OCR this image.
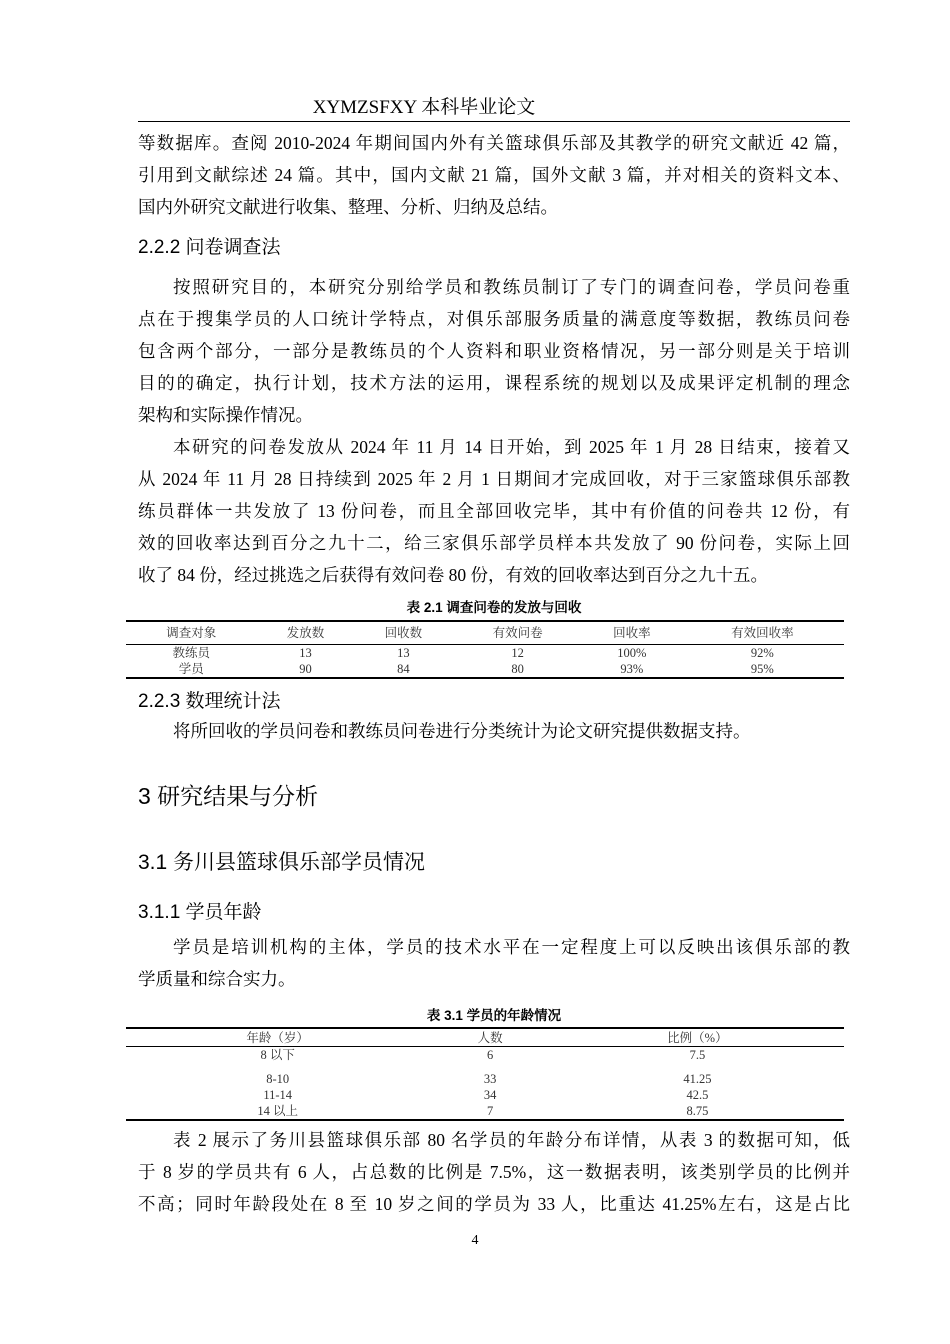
XYMZSFXY 本科毕业论文
等数据库。查阅 2010-2024 年期间国内外有关篮球俱乐部及其教学的研究文献近 42 篇，
引用到文献综述 24 篇。其中，国内文献 21 篇，国外文献 3 篇，并对相关的资料文本、
国内外研究文献进行收集、整理、分析、归纳及总结。
2.2.2 问卷调查法
按照研究目的，本研究分别给学员和教练员制订了专门的调查问卷，学员问卷重
点在于搜集学员的人口统计学特点，对俱乐部服务质量的满意度等数据，教练员问卷
包含两个部分，一部分是教练员的个人资料和职业资格情况，另一部分则是关于培训
目的的确定，执行计划，技术方法的运用，课程系统的规划以及成果评定机制的理念
架构和实际操作情况。
本研究的问卷发放从 2024 年 11 月 14 日开始，到 2025 年 1 月 28 日结束，接着又
从 2024 年 11 月 28 日持续到 2025 年 2 月 1 日期间才完成回收，对于三家篮球俱乐部教
练员群体一共发放了 13 份问卷，而且全部回收完毕，其中有价值的问卷共 12 份，有
效的回收率达到百分之九十二，给三家俱乐部学员样本共发放了 90 份问卷，实际上回
收了 84 份，经过挑选之后获得有效问卷 80 份，有效的回收率达到百分之九十五。
表 2.1 调查问卷的发放与回收
调查对象	发放数	回收数	有效问卷	回收率	有效回收率
教练员	13	13	12	100%	92%
学员	90	84	80	93%	95%
2.2.3 数理统计法
将所回收的学员问卷和教练员问卷进行分类统计为论文研究提供数据支持。
3 研究结果与分析
3.1 务川县篮球俱乐部学员情况
3.1.1 学员年龄
学员是培训机构的主体，学员的技术水平在一定程度上可以反映出该俱乐部的教
学质量和综合实力。
表 3.1 学员的年龄情况
年龄（岁）	人数	比例（%）
8 以下	6	7.5
8-10	33	41.25
11-14	34	42.5
14 以上	7	8.75
表 2 展示了务川县篮球俱乐部 80 名学员的年龄分布详情，从表 3 的数据可知，低
于 8 岁的学员共有 6 人，占总数的比例是 7.5%，这一数据表明，该类别学员的比例并
不高；同时年龄段处在 8 至 10 岁之间的学员为 33 人，比重达 41.25%左右，这是占比
4
